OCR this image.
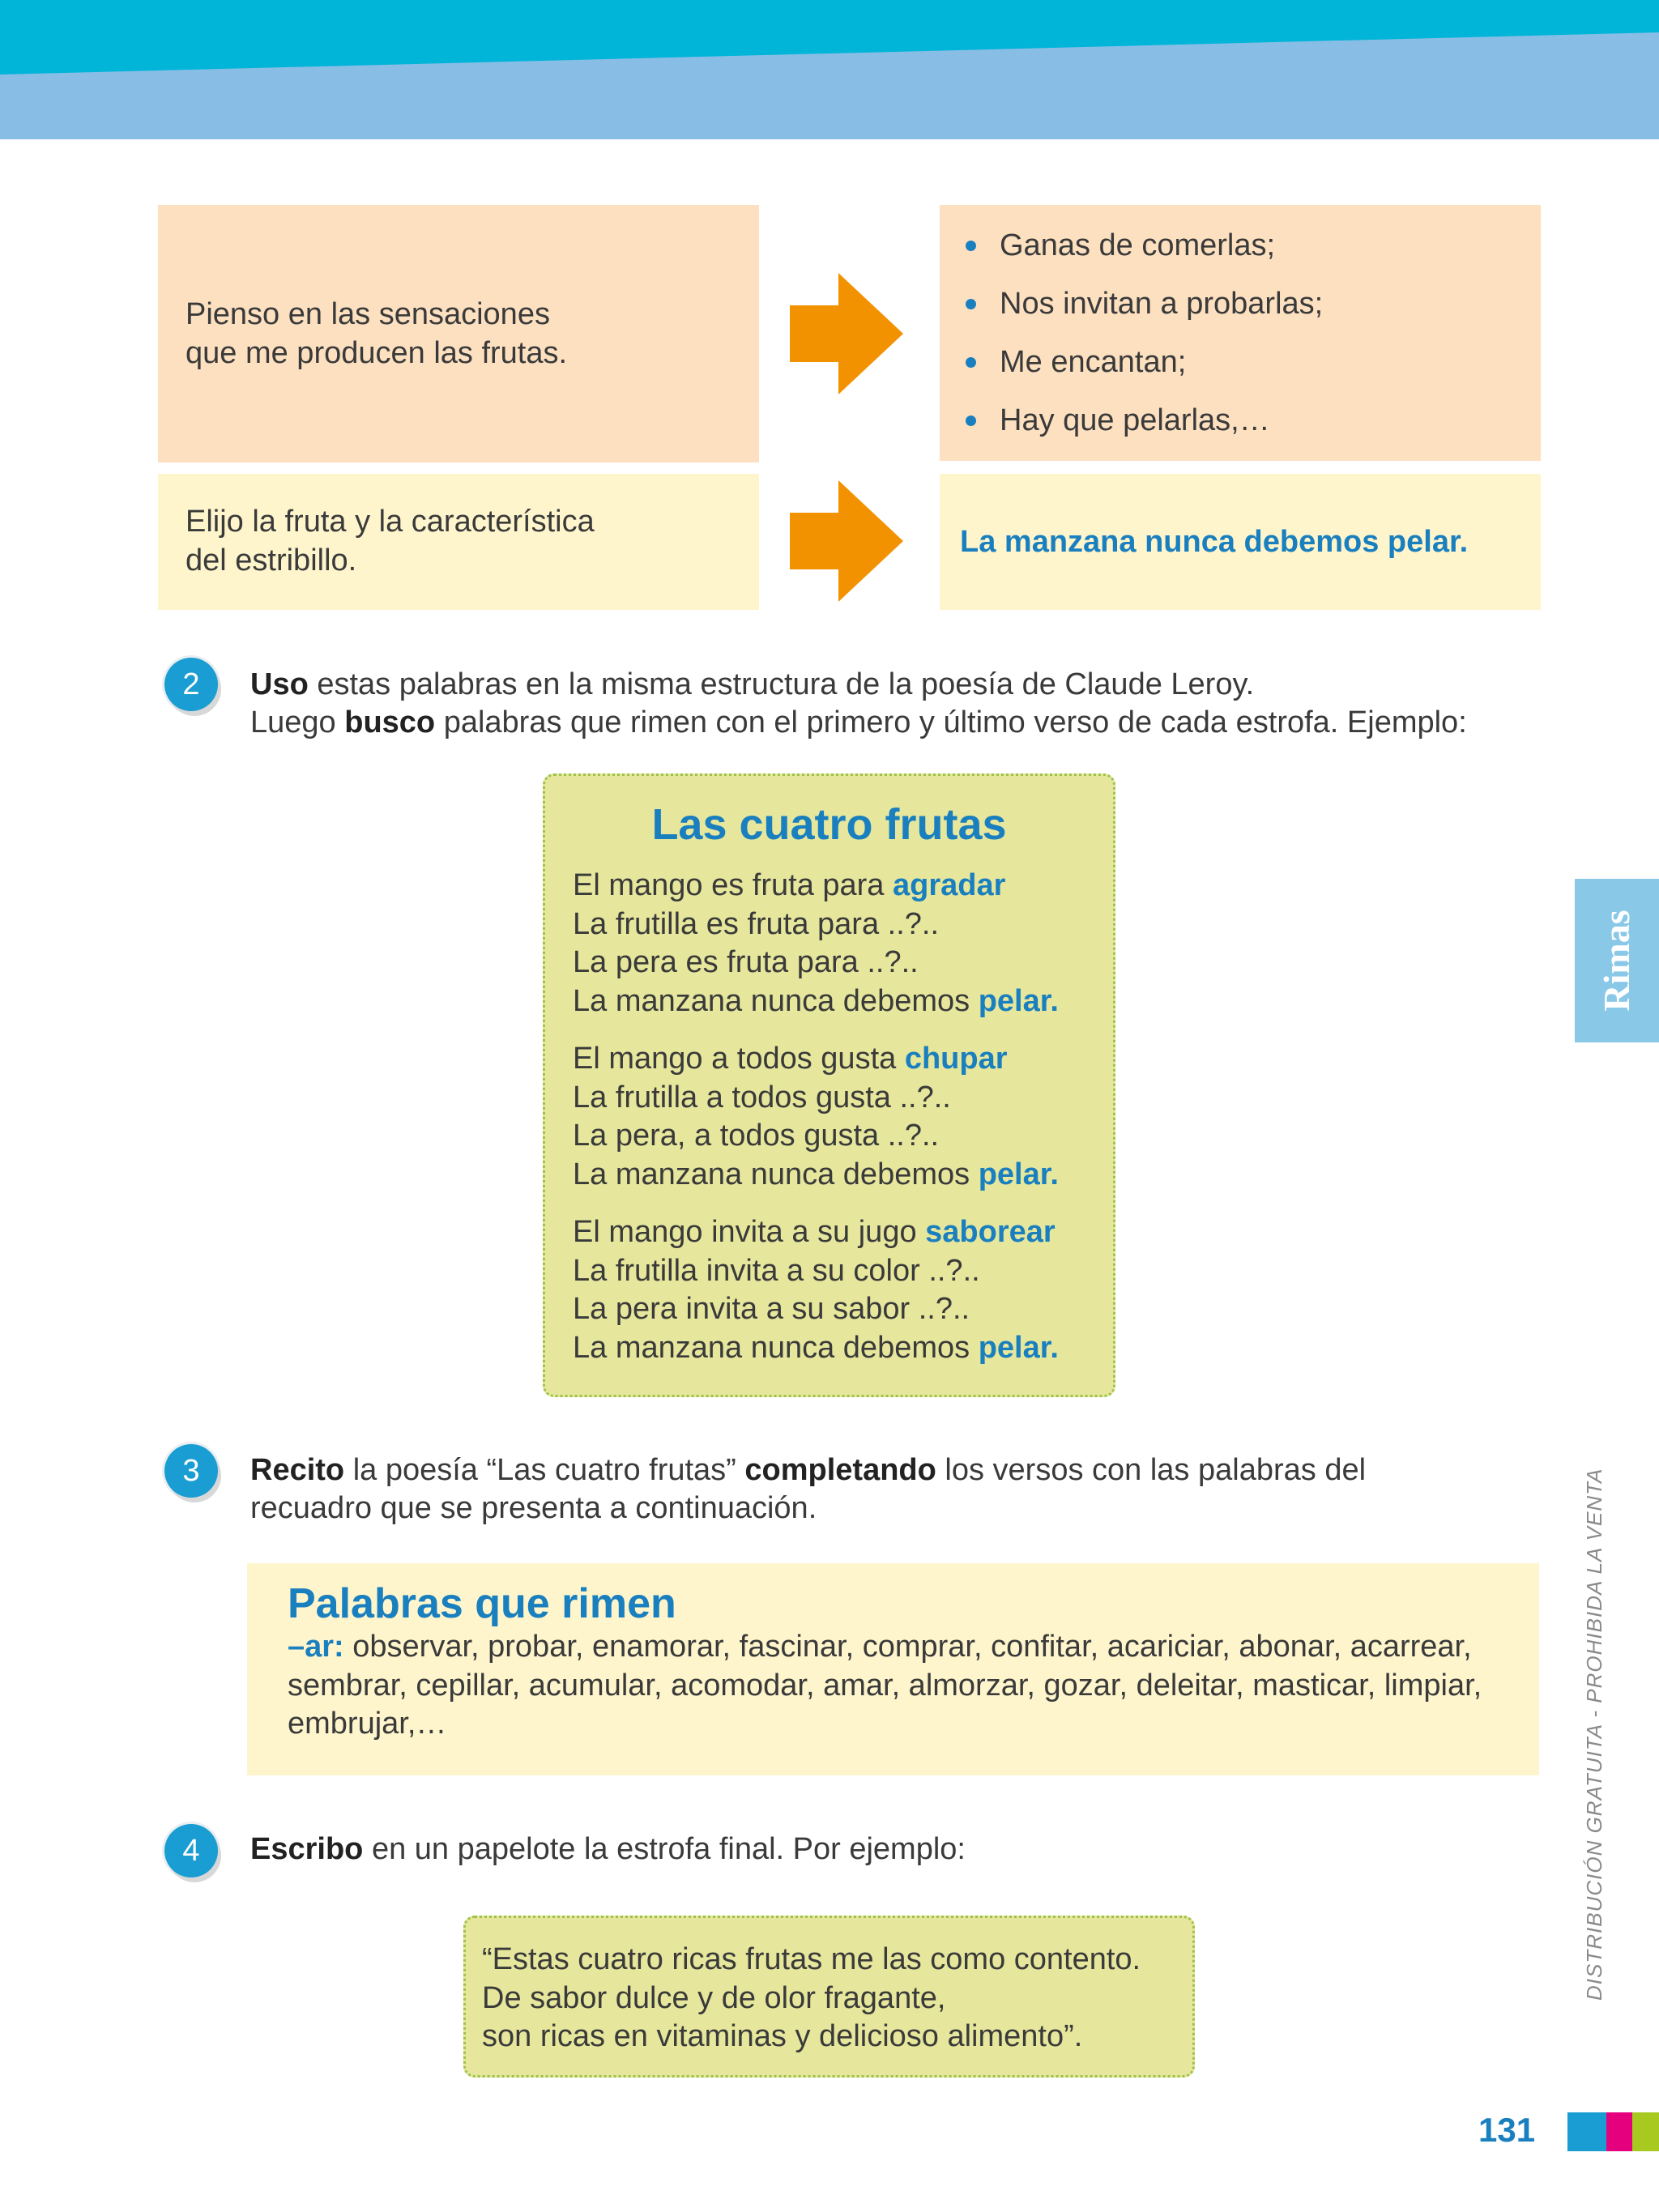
Pienso en las sensaciones
que me producen las frutas.
Ganas de comerlas;
Nos invitan a probarlas;
Me encantan;
Hay que pelarlas,…
Elijo la fruta y la característica
del estribillo.
La manzana nunca debemos pelar.
2	Uso estas palabras en la misma estructura de la poesía de Claude Leroy.
Luego busco palabras que rimen con el primero y último verso de cada estrofa. Ejemplo:
Las cuatro frutas
El mango es fruta para agradar
La frutilla es fruta para ..?..
La pera es fruta para ..?..
La manzana nunca debemos pelar.
El mango a todos gusta chupar
La frutilla a todos gusta ..?..
La pera, a todos gusta ..?..
La manzana nunca debemos pelar.
El mango invita a su jugo saborear
La frutilla invita a su color ..?..
La pera invita a su sabor ..?..
La manzana nunca debemos pelar.
3	Recito la poesía “Las cuatro frutas” completando los versos con las palabras del
recuadro que se presenta a continuación.
Palabras que rimen
–ar: observar, probar, enamorar, fascinar, comprar, confitar, acariciar, abonar, acarrear, sembrar, cepillar, acumular, acomodar, amar, almorzar, gozar, deleitar, masticar, limpiar, embrujar,…
4	Escribo en un papelote la estrofa final. Por ejemplo:
“Estas cuatro ricas frutas me las como contento.
De sabor dulce y de olor fragante,
son ricas en vitaminas y delicioso alimento”.
Rimas
DISTRIBUCIÓN GRATUITA - PROHIBIDA LA VENTA
131
